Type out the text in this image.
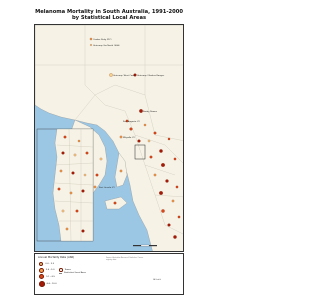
Melanoma Mortality in South Australia, 1991-2000
by Statistical Local Areas
Coober Pedy (DC)
Unincorp. Far North (SLA)
Unincorp. West Coast Unincorp. Flinders Ranges
Roxby Downs
Port Augusta (C)
Whyalla (C)
Port Lincoln (C)
Annual Mortality Rate (ASR)
0.0 - 3.5
3.6 - 5.0
5.1 - 6.5
6.6 - 10.0
Towns
Statistical Local Area
Source: Australian Bureau of Statistics, Cancer registry data.
SA Health
